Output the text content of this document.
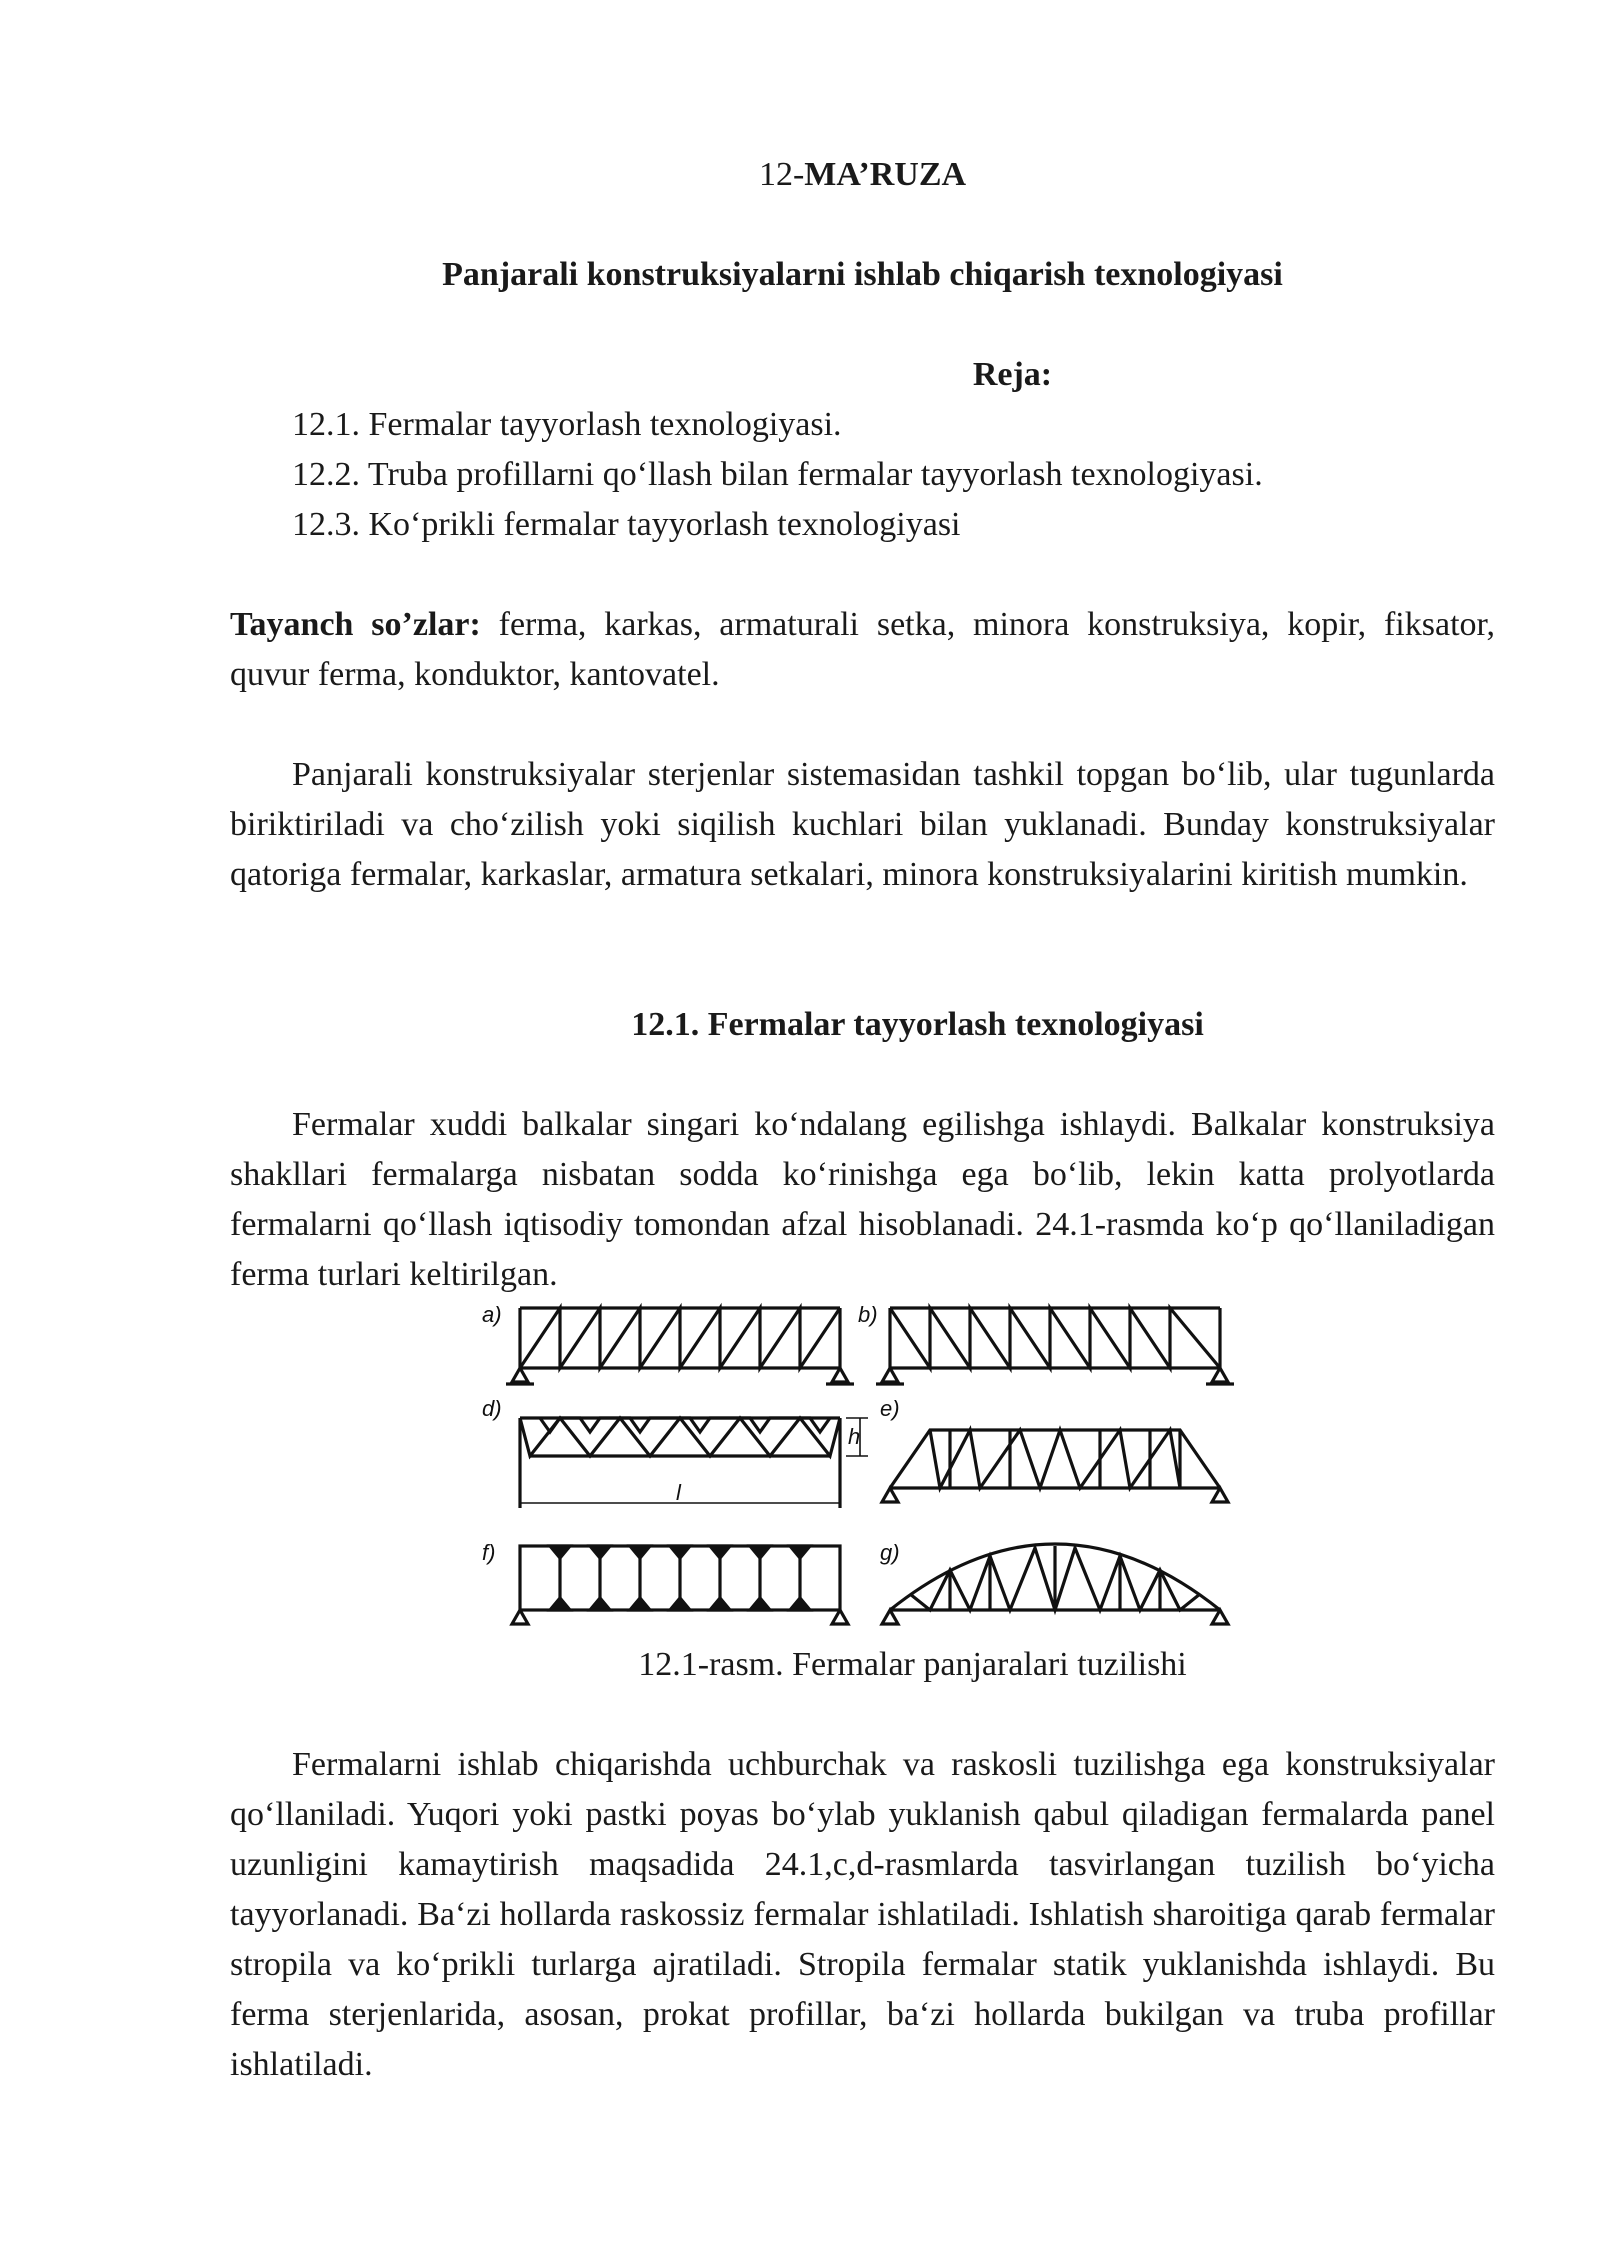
12-MA’RUZA
Panjarali konstruksiyalarni ishlab chiqarish texnologiyasi
Reja:
12.1. Fermalar tayyorlash texnologiyasi.
12.2. Truba profillarni qo‘llash bilan fermalar tayyorlash texnologiyasi.
12.3. Ko‘prikli fermalar tayyorlash texnologiyasi
Tayanch so’zlar: ferma, karkas, armaturali setka, minora konstruksiya, kopir, fiksator, quvur ferma, konduktor, kantovatel.
Panjarali konstruksiyalar sterjenlar sistemasidan tashkil topgan bo‘lib, ular tugunlarda biriktiriladi va cho‘zilish yoki siqilish kuchlari bilan yuklanadi. Bunday konstruksiyalar qatoriga fermalar, karkaslar, armatura setkalari, minora konstruksiyalarini kiritish mumkin.
12.1. Fermalar tayyorlash texnologiyasi
Fermalar xuddi balkalar singari ko‘ndalang egilishga ishlaydi. Balkalar konstruksiya shakllari fermalarga nisbatan sodda ko‘rinishga ega bo‘lib, lekin katta prolyotlarda fermalarni qo‘llash iqtisodiy tomondan afzal hisoblanadi. 24.1-rasmda ko‘p qo‘llaniladigan ferma turlari keltirilgan.
a)	b)
d)
l
h
e)
f)	g)
12.1-rasm. Fermalar panjaralari tuzilishi
Fermalarni ishlab chiqarishda uchburchak va raskosli tuzilishga ega konstruksiyalar qo‘llaniladi. Yuqori yoki pastki poyas bo‘ylab yuklanish qabul qiladigan fermalarda panel uzunligini kamaytirish maqsadida 24.1,c,d-rasmlarda tasvirlangan tuzilish bo‘yicha tayyorlanadi. Ba‘zi hollarda raskossiz fermalar ishlatiladi. Ishlatish sharoitiga qarab fermalar stropila va ko‘prikli turlarga ajratiladi. Stropila fermalar statik yuklanishda ishlaydi. Bu ferma sterjenlarida, asosan, prokat profillar, ba‘zi hollarda bukilgan va truba profillar ishlatiladi.
